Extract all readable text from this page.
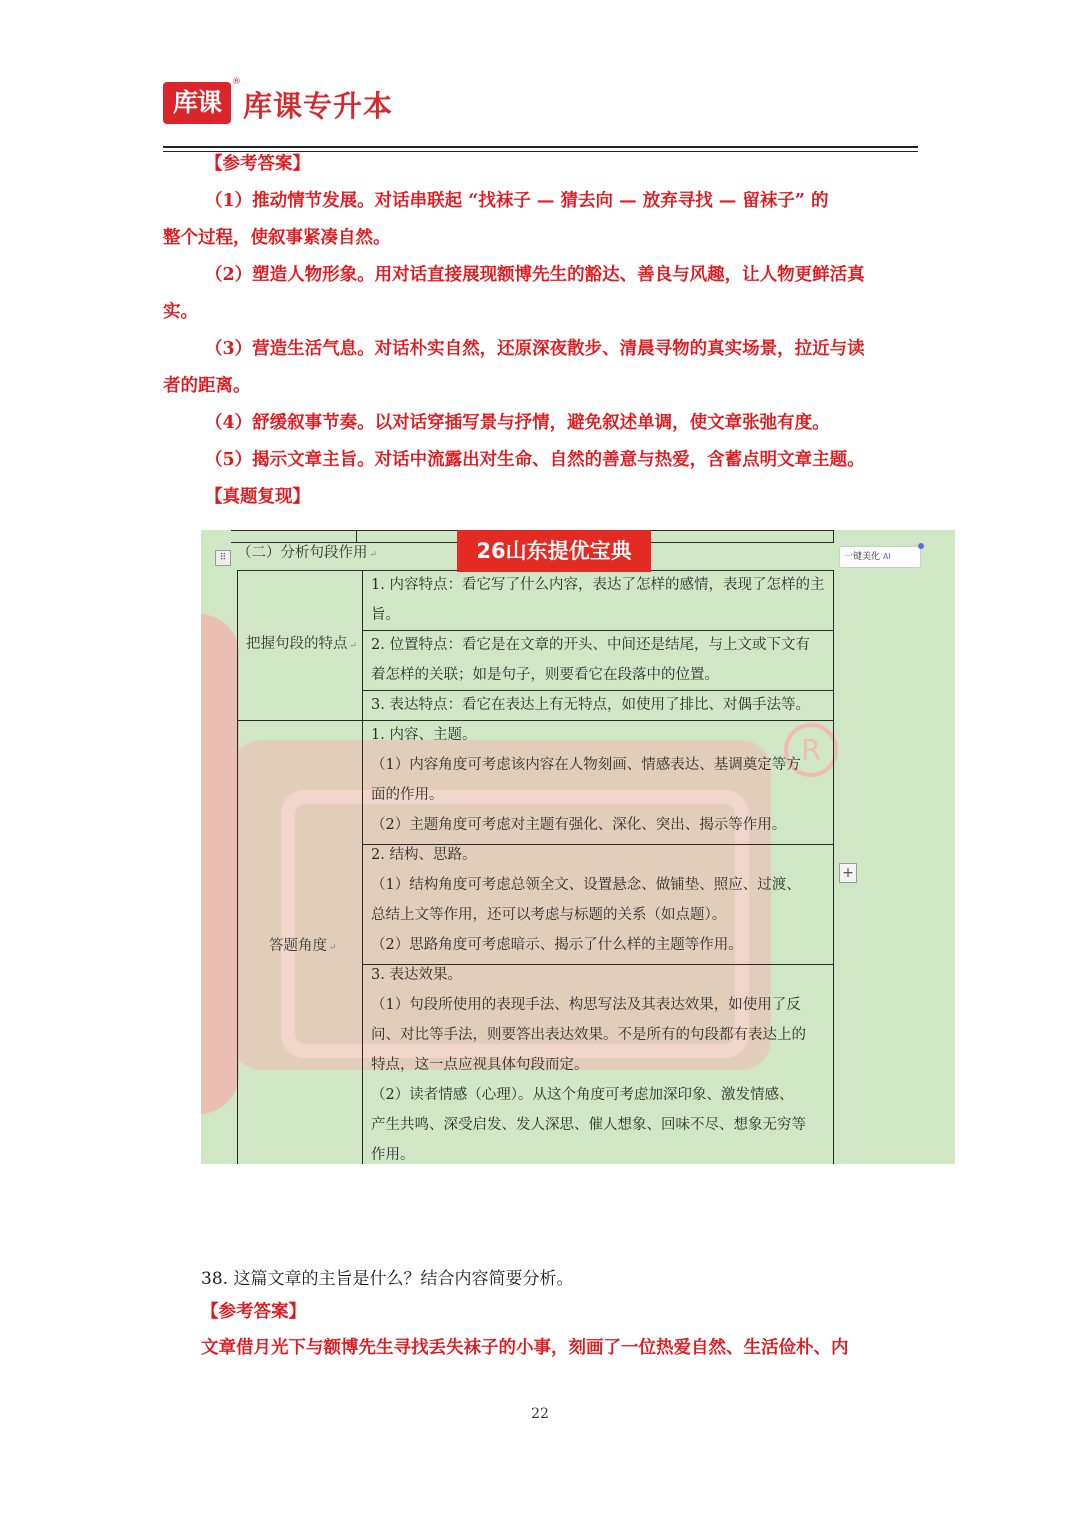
库课
®
库课专升本

【参考答案】

（1）推动情节发展。对话串联起 “找袜子 — 猜去向 — 放弃寻找 — 留袜子” 的

整个过程，使叙事紧凑自然。

（2）塑造人物形象。用对话直接展现额博先生的豁达、善良与风趣，让人物更鲜活真

实。

（3）营造生活气息。对话朴实自然，还原深夜散步、清晨寻物的真实场景，拉近与读

者的距离。

（4）舒缓叙事节奏。以对话穿插写景与抒情，避免叙述单调，使文章张弛有度。

（5）揭示文章主旨。对话中流露出对生命、自然的善意与热爱，含蓄点明文章主题。

【真题复现】

R
26山东提优宝典	一键美化 AI
⠿
+
（二）分析句段作用 ↵
把握句段的特点 ↵

1. 内容特点：看它写了什么内容，表达了怎样的感情，表现了怎样的主

旨。

2. 位置特点：看它是在文章的开头、中间还是结尾，与上文或下文有

着怎样的关联；如是句子，则要看它在段落中的位置。

3. 表达特点：看它在表达上有无特点，如使用了排比、对偶手法等。

答题角度 ↵

1. 内容、主题。

（1）内容角度可考虑该内容在人物刻画、情感表达、基调奠定等方

面的作用。

（2）主题角度可考虑对主题有强化、深化、突出、揭示等作用。

2. 结构、思路。

（1）结构角度可考虑总领全文、设置悬念、做铺垫、照应、过渡、

总结上文等作用，还可以考虑与标题的关系（如点题）。

（2）思路角度可考虑暗示、揭示了什么样的主题等作用。

3. 表达效果。

（1）句段所使用的表现手法、构思写法及其表达效果，如使用了反

问、对比等手法，则要答出表达效果。不是所有的句段都有表达上的

特点，这一点应视具体句段而定。

（2）读者情感（心理）。从这个角度可考虑加深印象、激发情感、

产生共鸣、深受启发、发人深思、催人想象、回味不尽、想象无穷等

作用。

38. 这篇文章的主旨是什么？结合内容简要分析。
【参考答案】
文章借月光下与额博先生寻找丢失袜子的小事，刻画了一位热爱自然、生活俭朴、内
22
